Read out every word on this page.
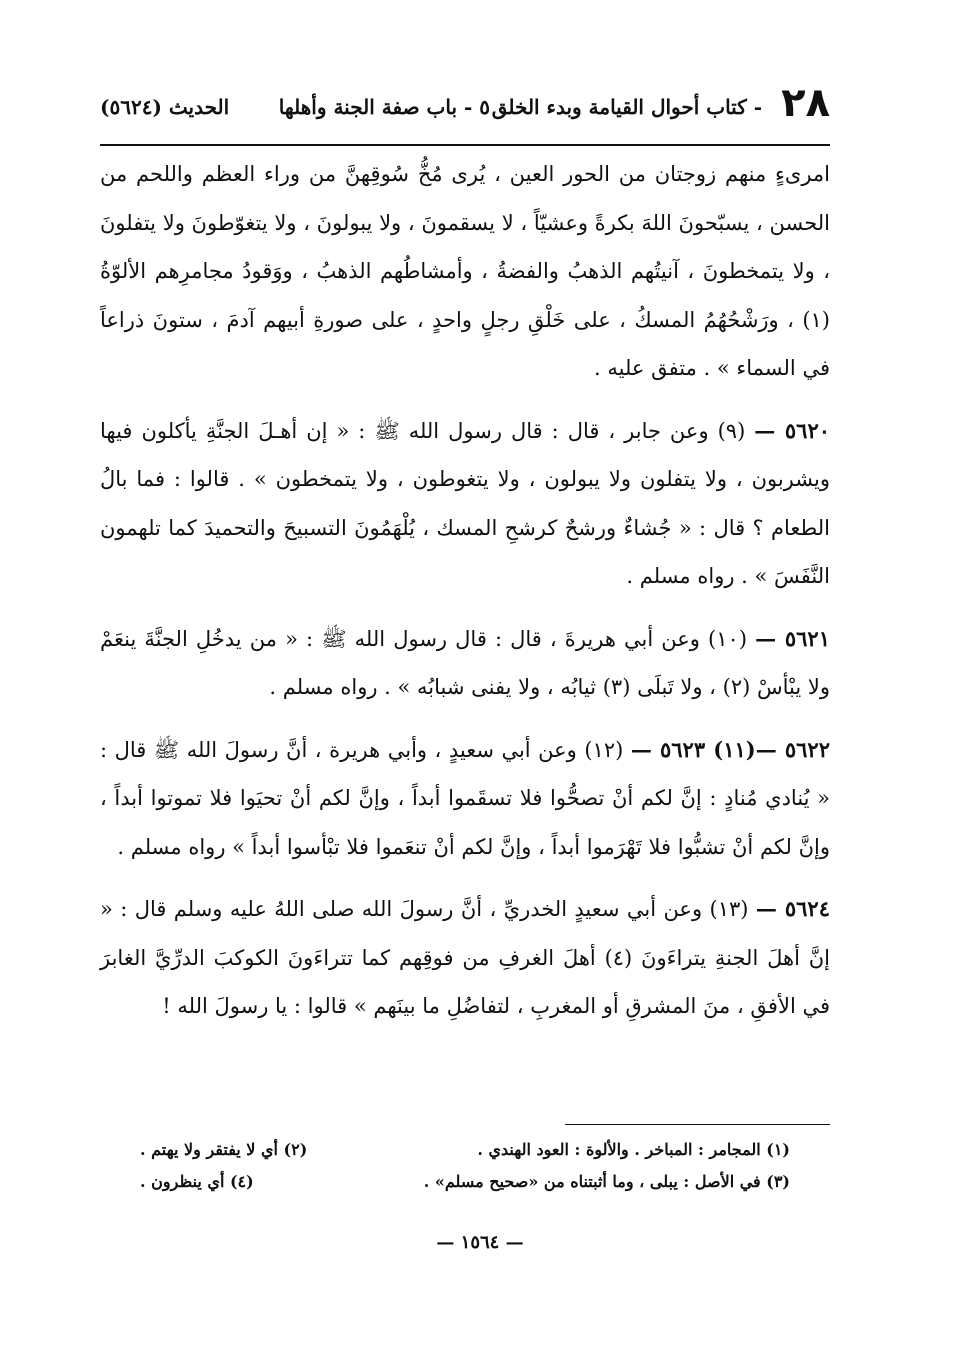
٢٨
- كتاب أحوال القيامة وبدء الخلق
٥ - باب صفة الجنة وأهلها
الحديث (٥٦٢٤)

امرىءٍ منهم زوجتان من الحور العين ، يُرى مُخُّ سُوقِهنَّ من وراء العظم واللحم من الحسن ، يسبّحونَ اللهَ بكرةً وعشيّاً ، لا يسقمونَ ، ولا يبولونَ ، ولا يتغوّطونَ ولا يتفلونَ ، ولا يتمخطونَ ، آنيتُهم الذهبُ والفضةُ ، وأمشاطُهم الذهبُ ، ووَقودُ مجامرِهم الألوّةُ (١) ، ورَشْحُهُمُ المسكُ ، على خَلْقِ رجلٍ واحدٍ ، على صورةِ أبيهم آدمَ ، ستونَ ذراعاً في السماء » . متفق عليه .

٥٦٢٠ — (٩) وعن جابر ، قال : قال رسول الله ﷺ : « إن أهـلَ الجنَّةِ يأكلون فيها ويشربون ، ولا يتفلون ولا يبولون ، ولا يتغوطون ، ولا يتمخطون » . قالوا : فما بالُ الطعام ؟ قال : « جُشاءٌ ورشحٌ كرشحِ المسك ، يُلْهَمُونَ التسبيحَ والتحميدَ كما تلهمون النَّفَسَ » . رواه مسلم .

٥٦٢١ — (١٠) وعن أبي هريرةَ ، قال : قال رسول الله ﷺ : « من يدخُلِ الجنَّةَ ينعَمْ ولا يبْأسْ (٢) ، ولا تَبلَى (٣) ثيابُه ، ولا يفنى شبابُه » . رواه مسلم .

٥٦٢٢ —(١١) ٥٦٢٣ — (١٢) وعن أبي سعيدٍ ، وأبي هريرة ، أنَّ رسولَ الله ﷺ قال : « يُنادي مُنادٍ : إنَّ لكم أنْ تصحُّوا فلا تسقَموا أبداً ، وإنَّ لكم أنْ تحيَوا فلا تموتوا أبداً ، وإنَّ لكم أنْ تشبُّوا فلا تَهْرَموا أبداً ، وإنَّ لكم أنْ تنعَموا فلا تبْأسوا أبداً » رواه مسلم .

٥٦٢٤ — (١٣) وعن أبي سعيدٍ الخدريِّ ، أنَّ رسولَ الله صلى اللهُ عليه وسلم قال : « إنَّ أهلَ الجنةِ يتراءَونَ (٤) أهلَ الغرفِ من فوقِهم كما تتراءَونَ الكوكبَ الدرِّيَّ الغابرَ في الأفقِ ، منَ المشرقِ أو المغربِ ، لتفاضُلِ ما بينَهم » قالوا : يا رسولَ الله !

(١) المجامر : المباخر . والألوة : العود الهندي .
(٢) أي لا يفتقر ولا يهتم .
(٣) في الأصل : يبلى ، وما أثبتناه من «صحيح مسلم» .
(٤) أي ينظرون .
— ١٥٦٤ —
